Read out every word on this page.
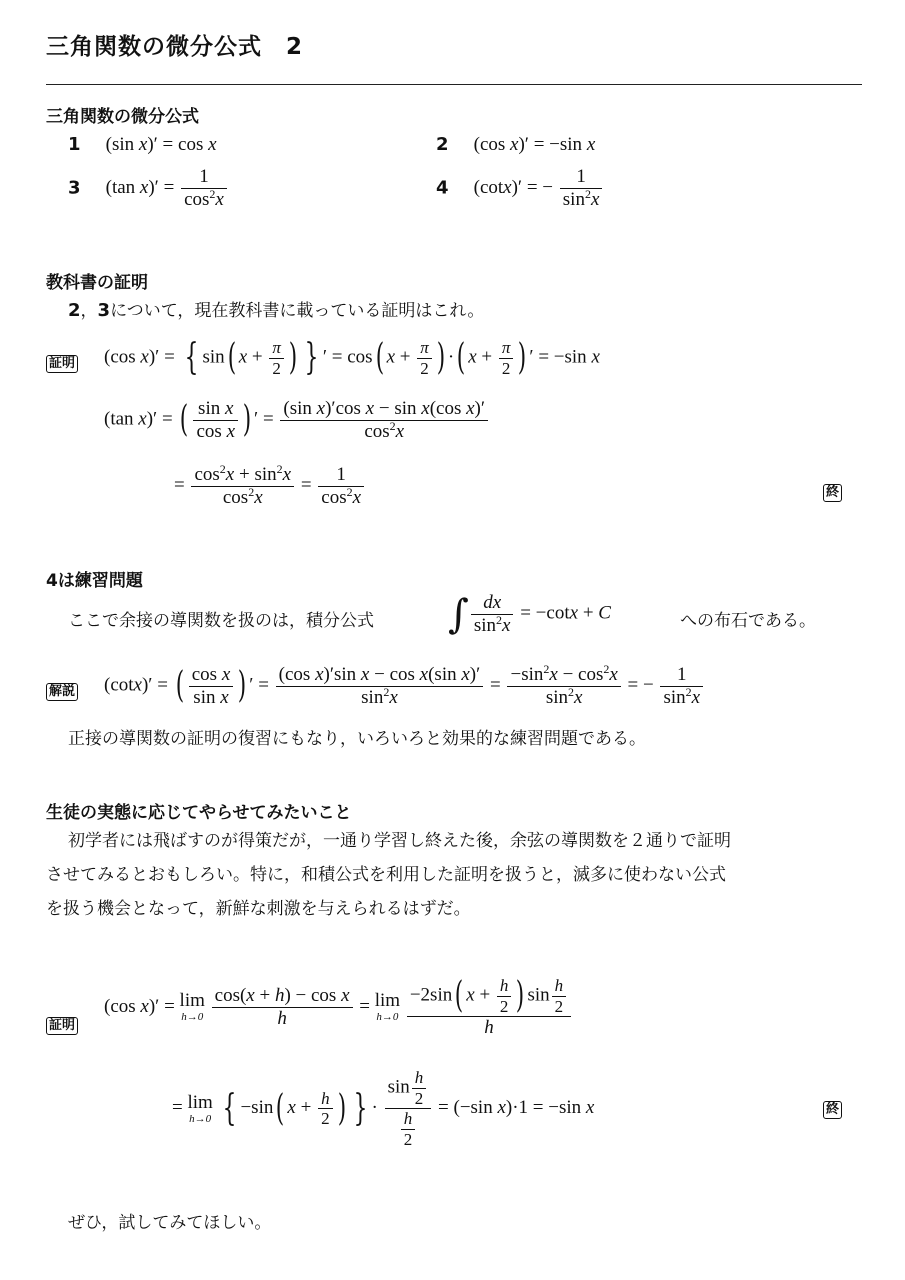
三角関数の微分公式 2
三角関数の微分公式
1 (sin x)′ = cos x	2 (cos x)′ = −sin x
3 (tan $x)' = \frac{1}{\cos^2x}$	4 (cotx)′ = − $\frac{1}{\sin^2x}$
教科書の証明
2，3について，現在教科書に載っている証明はこれ。
証明 (cos x)′ = { sin( $x + \frac{\pi}{2}$ ) } ′ = cos( $x + \frac{\pi}{2}$ ) ·( $x + \frac{\pi}{2}$ ) ′ = −sin x
(tan x)′ = ( $\frac{\text{sin x}}{\text{cos x}}$ ) ′ = $\frac{\text{(sin x)′cos x − sin x(cos x)′}}{\cos^2x}$
= $\frac{\cos^2x + \sin^2x}{\cos^2x} = \frac{1}{\cos^2x}$	終
4は練習問題
ここで余接の導関数を扱のは，積分公式 ∫ $\frac{dx}{\sin^2x} = -\cot x + C$	への布石である。
解説 (cotx)′ = ( $\frac{\text{cos x}}{\text{sin x}}$ ) ′ = $\frac{\text{(cos x)′sin x − cos x(sin x)′}}{\sin^2x} = \frac{-\sin^2x - \cos^2x}{\sin^2x}$ = − $\frac{1}{\sin^2x}$
正接の導関数の証明の復習にもなり，いろいろと効果的な練習問題である。
生徒の実態に応じてやらせてみたいこと
初学者には飛ばすのが得策だが，一通り学習し終えた後，余弦の導関数を２通りで証明
させてみるとおもしろい。特に，和積公式を利用した証明を扱うと，滅多に使わない公式
を扱う機会となって，新鮮な刺激を与えられるはずだ。
証明
(cos x)′ = lim
h→0
$\frac{\text{cos(x + h) − cos x}}{h} = \lim$
h→0
$\frac{-2\sin( x + \frac{h}{2} ) \sin \frac{h}{2}}{h}$
= lim
h→0 { −sin( $x + \frac{h}{2}$ ) } · $\frac{\sin \frac{h}{2}}{\frac{h}{2}} = (-\sin$ x)·1 = −sin x	終
ぜひ，試してみてほしい。
